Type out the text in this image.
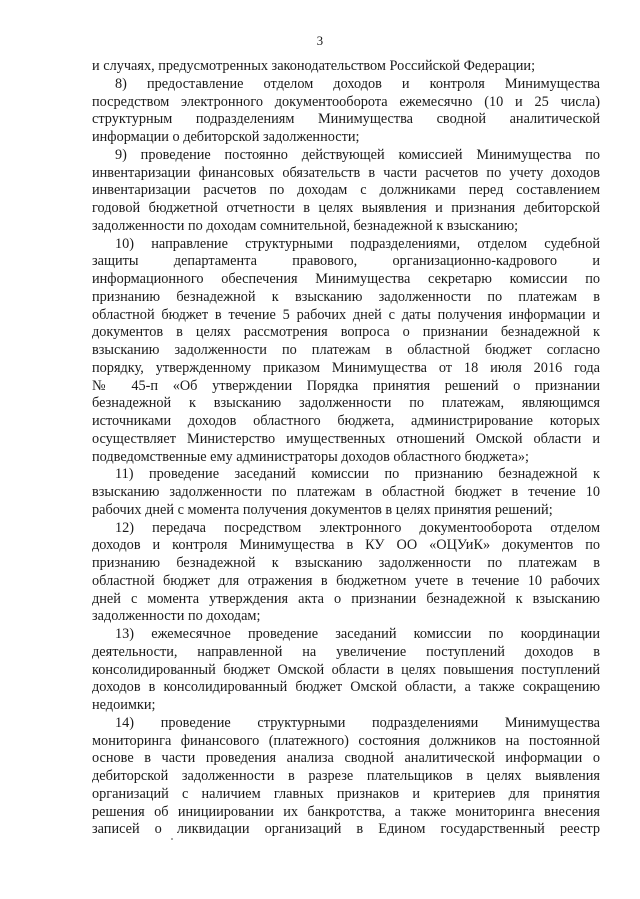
3
и случаях, предусмотренных законодательством Российской Федерации;
8) предоставление отделом доходов и контроля Минимущества
посредством электронного документооборота ежемесячно (10 и 25 числа)
структурным подразделениям Минимущества сводной аналитической
информации о дебиторской задолженности;
9) проведение постоянно действующей комиссией Минимущества по
инвентаризации финансовых обязательств в части расчетов по учету доходов
инвентаризации расчетов по доходам с должниками перед составлением
годовой бюджетной отчетности в целях выявления и признания дебиторской
задолженности по доходам сомнительной, безнадежной к взысканию;
10) направление структурными подразделениями, отделом судебной
защиты департамента правового, организационно-кадрового и
информационного обеспечения Минимущества секретарю комиссии по
признанию безнадежной к взысканию задолженности по платежам в
областной бюджет в течение 5 рабочих дней с даты получения информации и
документов в целях рассмотрения вопроса о признании безнадежной к
взысканию задолженности по платежам в областной бюджет согласно
порядку, утвержденному приказом Минимущества от 18 июля 2016 года
№ 45-п «Об утверждении Порядка принятия решений о признании
безнадежной к взысканию задолженности по платежам, являющимся
источниками доходов областного бюджета, администрирование которых
осуществляет Министерство имущественных отношений Омской области и
подведомственные ему администраторы доходов областного бюджета»;
11) проведение заседаний комиссии по признанию безнадежной к
взысканию задолженности по платежам в областной бюджет в течение 10
рабочих дней с момента получения документов в целях принятия решений;
12) передача посредством электронного документооборота отделом
доходов и контроля Минимущества в КУ ОО «ОЦУиК» документов по
признанию безнадежной к взысканию задолженности по платежам в
областной бюджет для отражения в бюджетном учете в течение 10 рабочих
дней с момента утверждения акта о признании безнадежной к взысканию
задолженности по доходам;
13) ежемесячное проведение заседаний комиссии по координации
деятельности, направленной на увеличение поступлений доходов в
консолидированный бюджет Омской области в целях повышения поступлений
доходов в консолидированный бюджет Омской области, а также сокращению
недоимки;
14) проведение структурными подразделениями Минимущества
мониторинга финансового (платежного) состояния должников на постоянной
основе в части проведения анализа сводной аналитической информации о
дебиторской задолженности в разрезе плательщиков в целях выявления
организаций с наличием главных признаков и критериев для принятия
решения об инициировании их банкротства, а также мониторинга внесения
записей о ликвидации организаций в Едином государственный реестр
